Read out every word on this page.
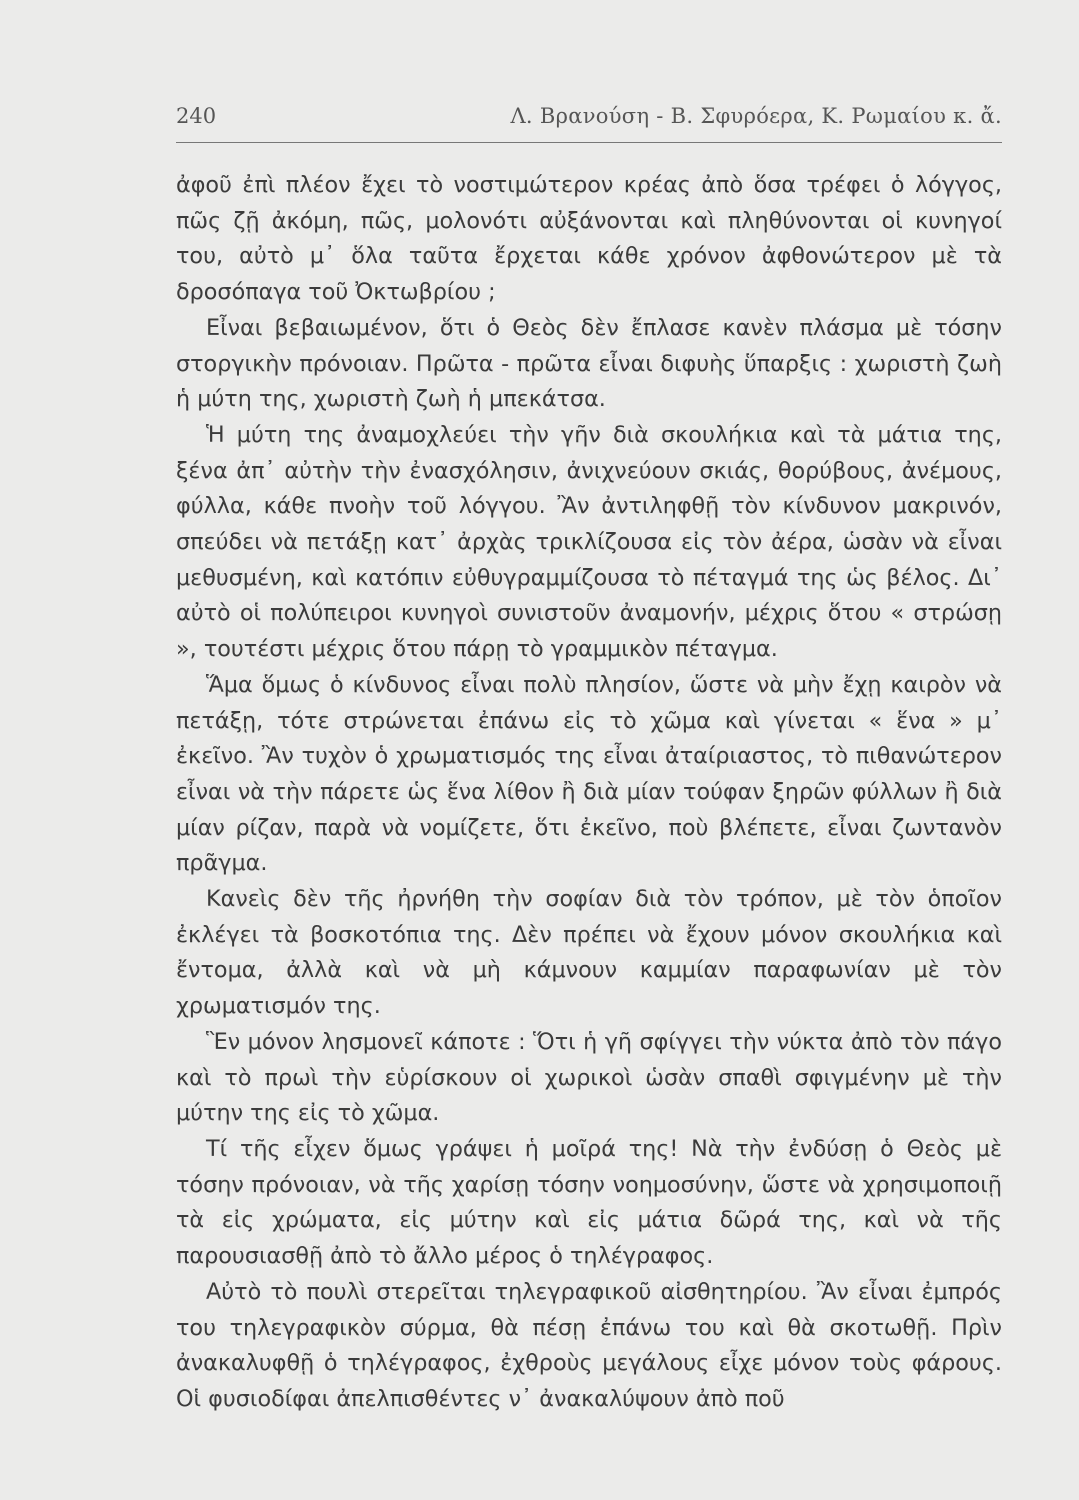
240	Λ. Βρανούση - Β. Σφυρόερα, Κ. Ρωμαίου κ. ἄ.

ἀφοῦ ἐπὶ πλέον ἔχει τὸ νοστιμώτερον κρέας ἀπὸ ὅσα τρέφει ὁ λόγγος, πῶς ζῇ ἀκόμη, πῶς, μολονότι αὐξάνονται καὶ πληθύνονται οἱ κυνηγοί του, αὐτὸ μ᾿ ὅλα ταῦτα ἔρχεται κάθε χρόνον ἀφθονώτερον μὲ τὰ δροσόπαγα τοῦ Ὀκτωβρίου ;

Εἶναι βεβαιωμένον, ὅτι ὁ Θεὸς δὲν ἔπλασε κανὲν πλάσμα μὲ τόσην στοργικὴν πρόνοιαν. Πρῶτα - πρῶτα εἶναι διφυὴς ὕπαρξις : χωριστὴ ζωὴ ἡ μύτη της, χωριστὴ ζωὴ ἡ μπεκάτσα.

Ἡ μύτη της ἀναμοχλεύει τὴν γῆν διὰ σκουλήκια καὶ τὰ μάτια της, ξένα ἀπ᾿ αὐτὴν τὴν ἐνασχόλησιν, ἀνιχνεύουν σκιάς, θορύβους, ἀνέμους, φύλλα, κάθε πνοὴν τοῦ λόγγου. Ἂν ἀντιληφθῇ τὸν κίνδυνον μακρινόν, σπεύδει νὰ πετάξῃ κατ᾿ ἀρχὰς τρικλίζουσα εἰς τὸν ἀέρα, ὡσὰν νὰ εἶναι μεθυσμένη, καὶ κατόπιν εὐθυγραμμίζουσα τὸ πέταγμά της ὡς βέλος. Δι᾿ αὐτὸ οἱ πολύπειροι κυνηγοὶ συνιστοῦν ἀναμονήν, μέχρις ὅτου « στρώσῃ », τουτέστι μέχρις ὅτου πάρῃ τὸ γραμμικὸν πέταγμα.

Ἅμα ὅμως ὁ κίνδυνος εἶναι πολὺ πλησίον, ὥστε νὰ μὴν ἔχῃ καιρὸν νὰ πετάξῃ, τότε στρώνεται ἐπάνω εἰς τὸ χῶμα καὶ γίνεται « ἕνα » μ᾿ ἐκεῖνο. Ἂν τυχὸν ὁ χρωματισμός της εἶναι ἀταίριαστος, τὸ πιθανώτερον εἶναι νὰ τὴν πάρετε ὡς ἕνα λίθον ἢ διὰ μίαν τούφαν ξηρῶν φύλλων ἢ διὰ μίαν ρίζαν, παρὰ νὰ νομίζετε, ὅτι ἐκεῖνο, ποὺ βλέπετε, εἶναι ζωντανὸν πρᾶγμα.

Κανεὶς δὲν τῆς ἠρνήθη τὴν σοφίαν διὰ τὸν τρόπον, μὲ τὸν ὁποῖον ἐκλέγει τὰ βοσκοτόπια της. Δὲν πρέπει νὰ ἔχουν μόνον σκουλήκια καὶ ἔντομα, ἀλλὰ καὶ νὰ μὴ κάμνουν καμμίαν παραφωνίαν μὲ τὸν χρωματισμόν της.

Ἓν μόνον λησμονεῖ κάποτε : Ὅτι ἡ γῆ σφίγγει τὴν νύκτα ἀπὸ τὸν πάγο καὶ τὸ πρωὶ τὴν εὑρίσκουν οἱ χωρικοὶ ὡσὰν σπαθὶ σφιγμένην μὲ τὴν μύτην της εἰς τὸ χῶμα.

Τί τῆς εἶχεν ὅμως γράψει ἡ μοῖρά της! Νὰ τὴν ἐνδύσῃ ὁ Θεὸς μὲ τόσην πρόνοιαν, νὰ τῆς χαρίσῃ τόσην νοημοσύνην, ὥστε νὰ χρησιμοποιῇ τὰ εἰς χρώματα, εἰς μύτην καὶ εἰς μάτια δῶρά της, καὶ νὰ τῆς παρουσιασθῇ ἀπὸ τὸ ἄλλο μέρος ὁ τηλέγραφος.

Αὐτὸ τὸ πουλὶ στερεῖται τηλεγραφικοῦ αἰσθητηρίου. Ἂν εἶναι ἐμπρός του τηλεγραφικὸν σύρμα, θὰ πέσῃ ἐπάνω του καὶ θὰ σκοτωθῇ. Πρὶν ἀνακαλυφθῇ ὁ τηλέγραφος, ἐχθροὺς μεγάλους εἶχε μόνον τοὺς φάρους. Οἱ φυσιοδίφαι ἀπελπισθέντες ν᾿ ἀνακαλύψουν ἀπὸ ποῦ
